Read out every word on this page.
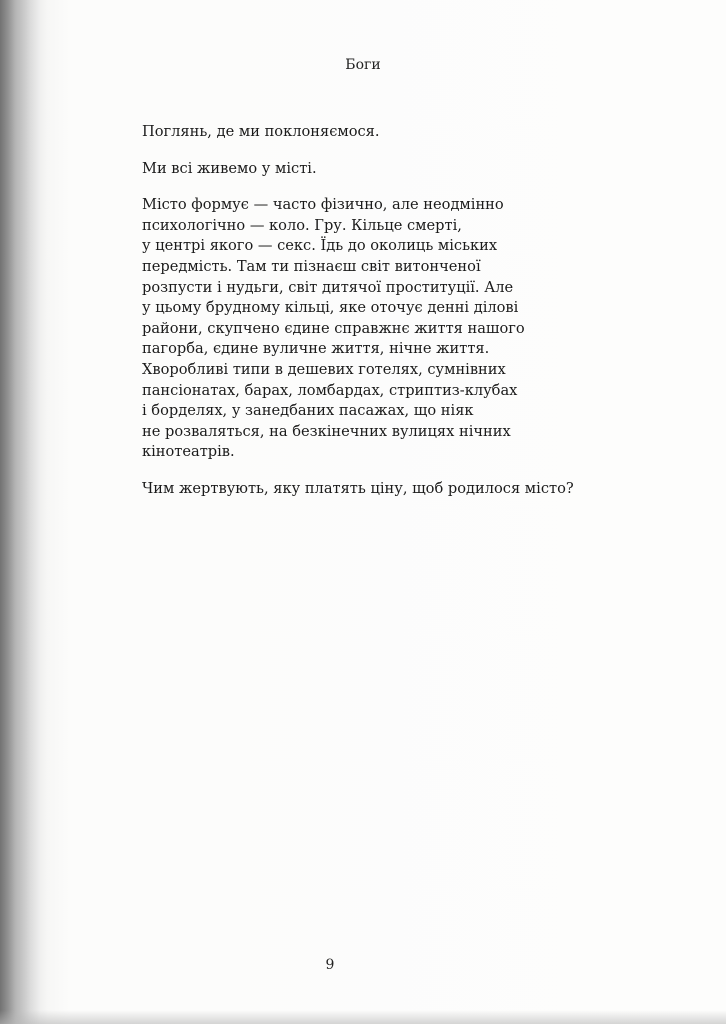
Боги

Поглянь, де ми поклоняємося.

Ми всі живемо у місті.

Місто формує — часто фізично, але неодмінно
психологічно — коло. Гру. Кільце смерті,
у центрі якого — секс. Їдь до околиць міських
передмість. Там ти пізнаєш світ витонченої
розпусти і нудьги, світ дитячої проституції. Але
у цьому брудному кільці, яке оточує денні ділові
райони, скупчено єдине справжнє життя нашого
пагорба, єдине вуличне життя, нічне життя.
Хворобливі типи в дешевих готелях, сумнівних
пансіонатах, барах, ломбардах, стриптиз-клубах
і борделях, у занедбаних пасажах, що ніяк
не розваляться, на безкінечних вулицях нічних
кінотеатрів.

Чим жертвують, яку платять ціну, щоб родилося місто?

9
